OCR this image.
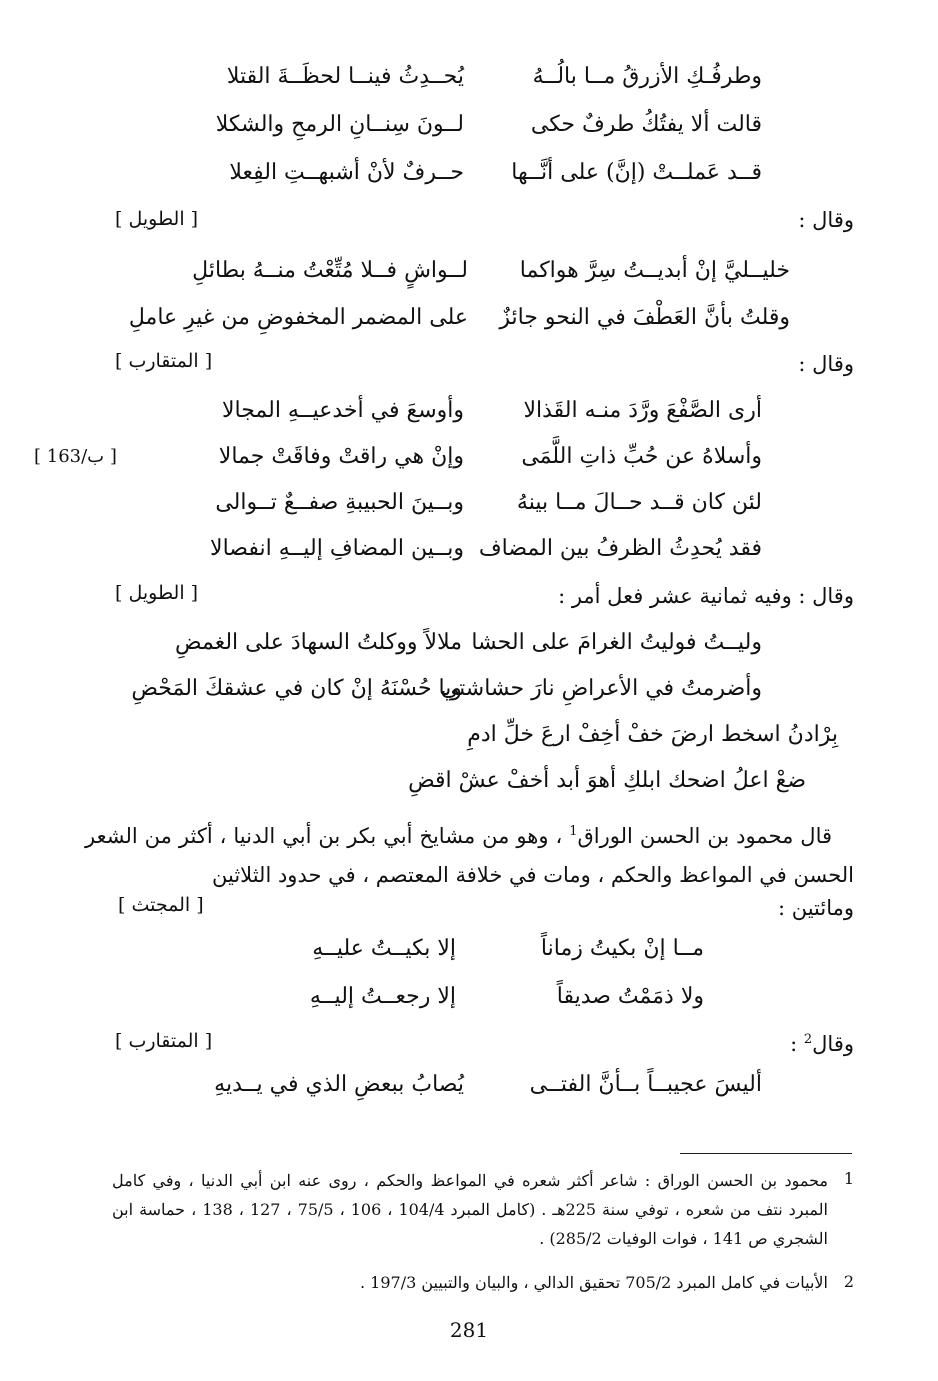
وطرفُـكِ الأزرقُ مــا بالُــهُ
يُحــدِثُ فينــا لحظَــةَ القتلا
قالت ألا يفتُكُ طرفٌ حكى
لــونَ سِنــانِ الرمحِ والشكلا
قــد عَملــتْ (إنَّ) على أنَّــها
حــرفٌ لأنْ أشبهــتِ الفِعلا
وقال :
[ الطويل ]
خليــليَّ إنْ أبديــتُ سِرَّ هواكما
لــواشٍ فــلا مُتِّعْتُ منــهُ بطائلِ
وقلتُ بأنَّ العَطْفَ في النحو جائزٌ
على المضمر المخفوضِ من غيرِ عاملِ
وقال :
[ المتقارب ]
أرى الصَّفْعَ ورَّدَ منـه القَذالا
وأوسعَ في أخدعيــهِ المجالا
وأسلاهُ عن حُبِّ ذاتِ اللَّمَى
وإنْ هي راقتْ وفاقَتْ جمالا
[ 163/ب ]
لئن كان قــد حــالَ مــا بينهُ
وبــينَ الحبيبةِ صفــعٌ تــوالى
فقد يُحدِثُ الظرفُ بين المضاف
وبــين المضافِ إليــهِ انفصالا
وقال : وفيه ثمانية عشر فعل أمر :
[ الطويل ]
وليــتُ فوليتُ الغرامَ على الحشا
ملالاً ووكلتُ السهادَ على الغمضِ
وأضرمتُ في الأعراضِ نارَ حشاشتي
ويا حُسْنَهُ إنْ كان في عشقكَ المَحْضِ
بِرْادنُ اسخط ارضَ خفْ أخِفْ ارعَ خلِّ ادمِ
ضعْ اعلُ اضحك ابلكِ أهوَ أبد أخفْ عشْ اقضِ
قال محمود بن الحسن الوراق$^1$ ، وهو من مشايخ أبي بكر بن أبي الدنيا ، أكثر من الشعر الحسن في المواعظ والحكم ، ومات في خلافة المعتصم ، في حدود الثلاثين
ومائتين :
[ المجتث ]
مــا إنْ بكيتُ زماناً
إلا بكيــتُ عليــهِ
ولا ذمَمْتُ صديقاً
إلا رجعــتُ إليــهِ
وقال$^2$ :
[ المتقارب ]
أليسَ عجيبــاً بــأنَّ الفتــى
يُصابُ ببعضِ الذي في يــديهِ
1
محمود بن الحسن الوراق : شاعر أكثر شعره في المواعظ والحكم ، روى عنه ابن أبي الدنيا ، وفي كامل المبرد نتف من شعره ، توفي سنة 225هـ . (كامل المبرد 104/4 ، 106 ، 75/5 ، 127 ، 138 ، حماسة ابن الشجري ص 141 ، فوات الوفيات 285/2) .
2
الأبيات في كامل المبرد 705/2 تحقيق الدالي ، والبيان والتبيين 197/3 .
281
